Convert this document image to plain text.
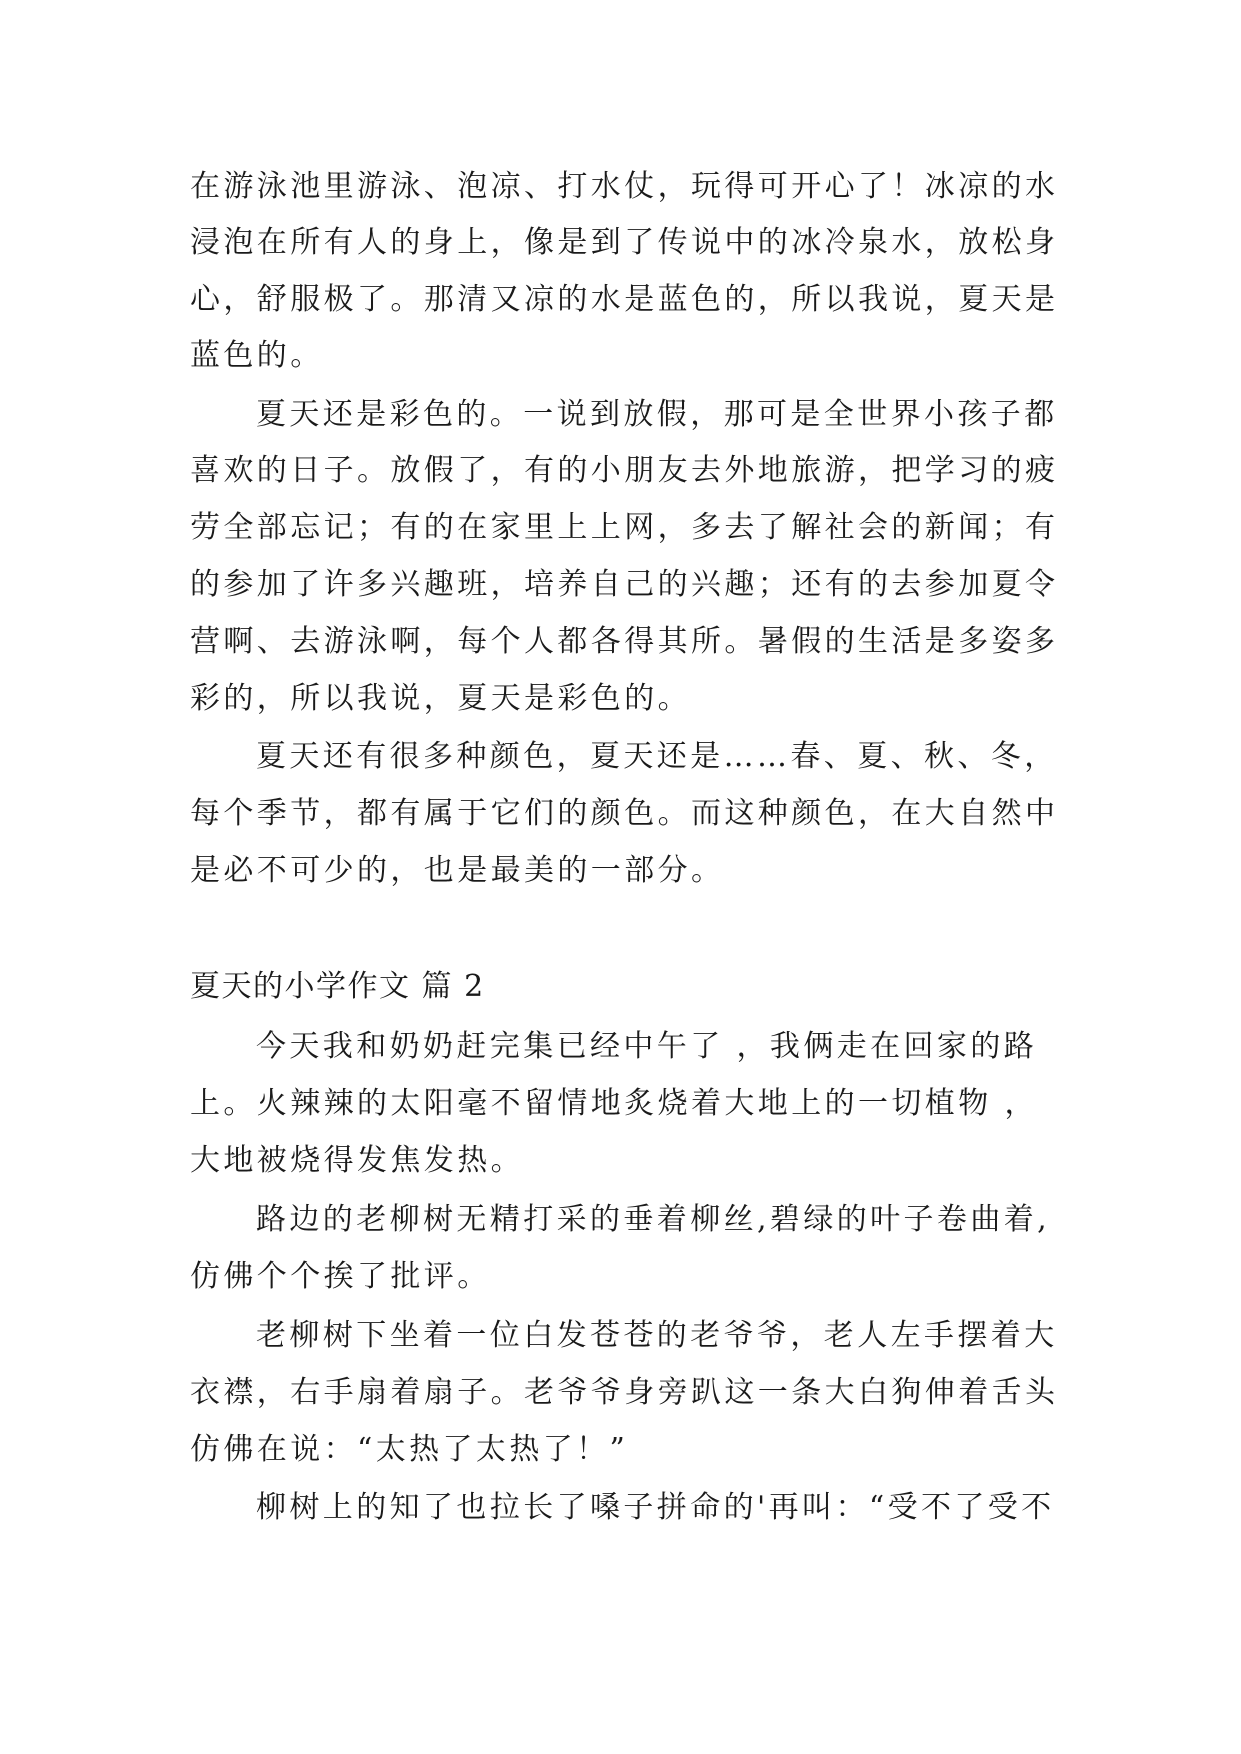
在游泳池里游泳、泡凉、打水仗，玩得可开心了！冰凉的水
浸泡在所有人的身上，像是到了传说中的冰冷泉水，放松身
心，舒服极了。那清又凉的水是蓝色的，所以我说，夏天是
蓝色的。
夏天还是彩色的。一说到放假，那可是全世界小孩子都
喜欢的日子。放假了，有的小朋友去外地旅游，把学习的疲
劳全部忘记；有的在家里上上网，多去了解社会的新闻；有
的参加了许多兴趣班，培养自己的兴趣；还有的去参加夏令
营啊、去游泳啊，每个人都各得其所。暑假的生活是多姿多
彩的，所以我说，夏天是彩色的。
夏天还有很多种颜色，夏天还是……春、夏、秋、冬，
每个季节，都有属于它们的颜色。而这种颜色，在大自然中
是必不可少的，也是最美的一部分。
夏天的小学作文 篇 2
今天我和奶奶赶完集已经中午了 ，我俩走在回家的路
上。火辣辣的太阳毫不留情地炙烧着大地上的一切植物 ，
大地被烧得发焦发热。
路边的老柳树无精打采的垂着柳丝,碧绿的叶子卷曲着,
仿佛个个挨了批评。
老柳树下坐着一位白发苍苍的老爷爷，老人左手摆着大
衣襟，右手扇着扇子。老爷爷身旁趴这一条大白狗伸着舌头
仿佛在说：“太热了太热了！”
柳树上的知了也拉长了嗓子拼命的'再叫：“受不了受不
